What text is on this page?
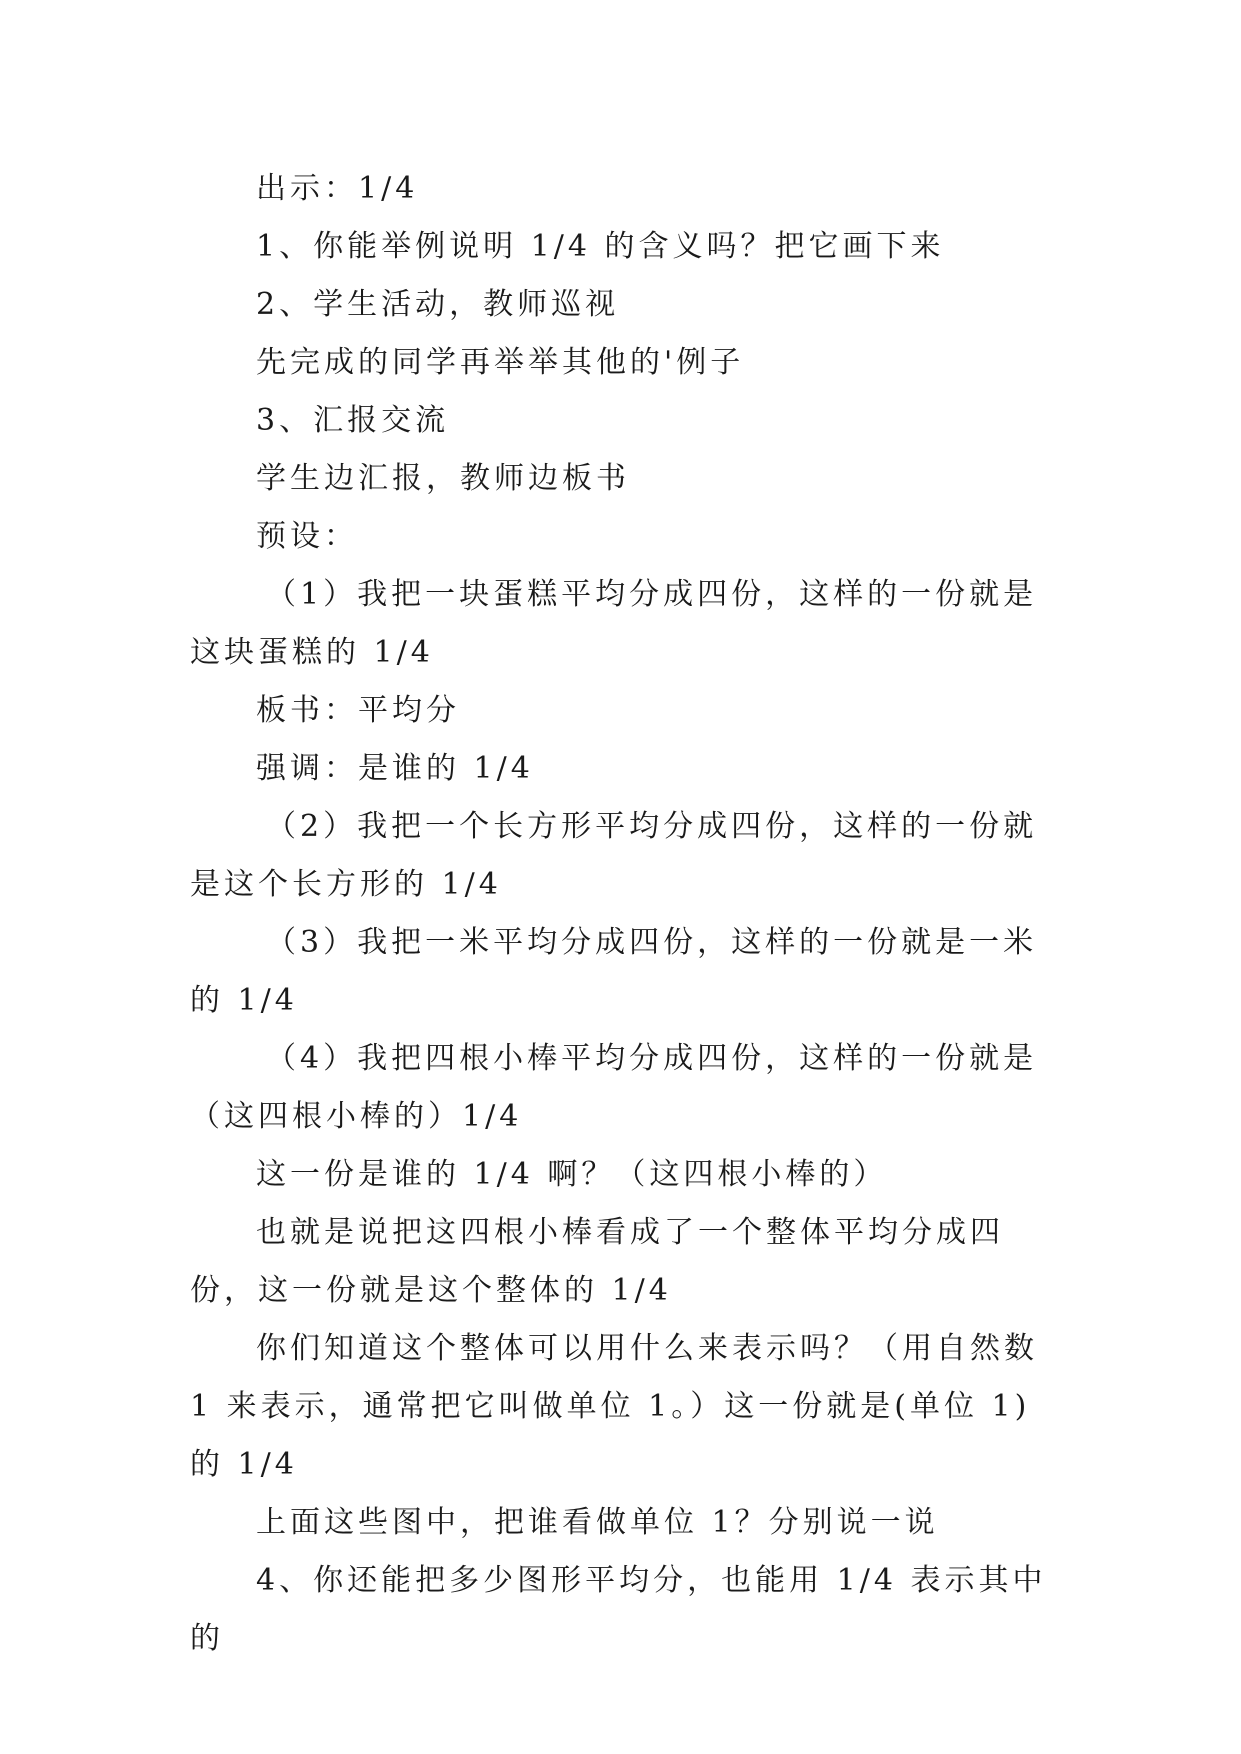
出示：1/4

1、你能举例说明 1/4 的含义吗？把它画下来

2、学生活动，教师巡视

先完成的同学再举举其他的'例子

3、汇报交流

学生边汇报，教师边板书

预设：

（1）我把一块蛋糕平均分成四份，这样的一份就是这块蛋糕的 1/4

板书：平均分

强调：是谁的 1/4

（2）我把一个长方形平均分成四份，这样的一份就是这个长方形的 1/4

（3）我把一米平均分成四份，这样的一份就是一米的 1/4

（4）我把四根小棒平均分成四份，这样的一份就是（这四根小棒的）1/4

这一份是谁的 1/4 啊？（这四根小棒的）

也就是说把这四根小棒看成了一个整体平均分成四份，这一份就是这个整体的 1/4

你们知道这个整体可以用什么来表示吗？（用自然数 1 来表示，通常把它叫做单位 1。）这一份就是(单位 1)的 1/4

上面这些图中，把谁看做单位 1？分别说一说

4、你还能把多少图形平均分，也能用 1/4 表示其中的
